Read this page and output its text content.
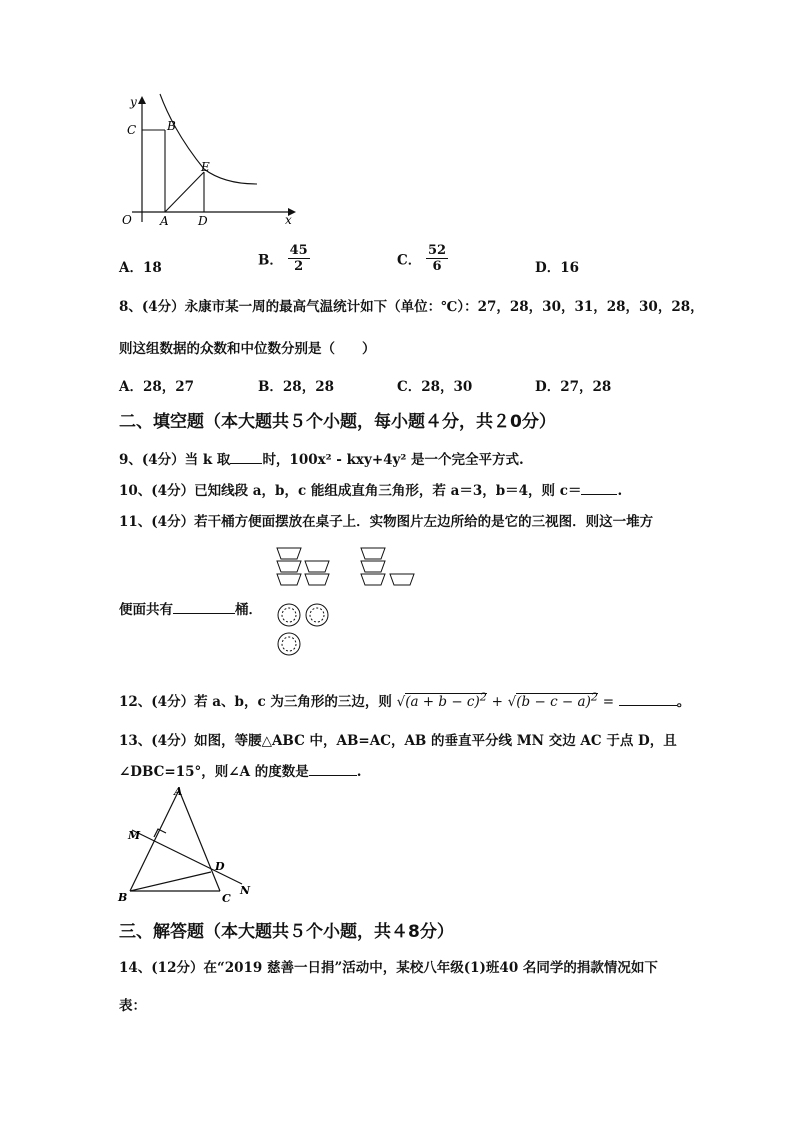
y
x
O
C	B
E
A D
A．18	B． $\frac{45}{2}$	C． $\frac{52}{6}$	D．16
8、(4分）永康市某一周的最高气温统计如下（单位：℃）：27，28，30，31，28，30，28，
则这组数据的众数和中位数分别是（　　）
A．28，27	B．28，28	C．28，30	D．27，28
二、填空题（本大题共５个小题，每小题４分，共２0分）
9、(4分）当 k 取 时，100x² - kxy+4y² 是一个完全平方式.
10、(4分）已知线段 a，b，c 能组成直角三角形，若 a＝3，b＝4，则 c＝	.
11、(4分）若干桶方便面摆放在桌子上．实物图片左边所给的是它的三视图．则这一堆方
便面共有	桶．
12、(4分）若 a、b，c 为三角形的三边，则 $√(a + b - c)^2 + √(b - c - a)^2$ =	。
13、(4分）如图，等腰△ABC 中，AB=AC，AB 的垂直平分线 MN 交边 AC 于点 D，且
∠DBC=15°，则∠A 的度数是	.
A
M
D
N
B	C
三、解答题（本大题共５个小题，共４8分）
14、(12分）在“2019 慈善一日捐”活动中，某校八年级(1)班40 名同学的捐款情况如下
表：
